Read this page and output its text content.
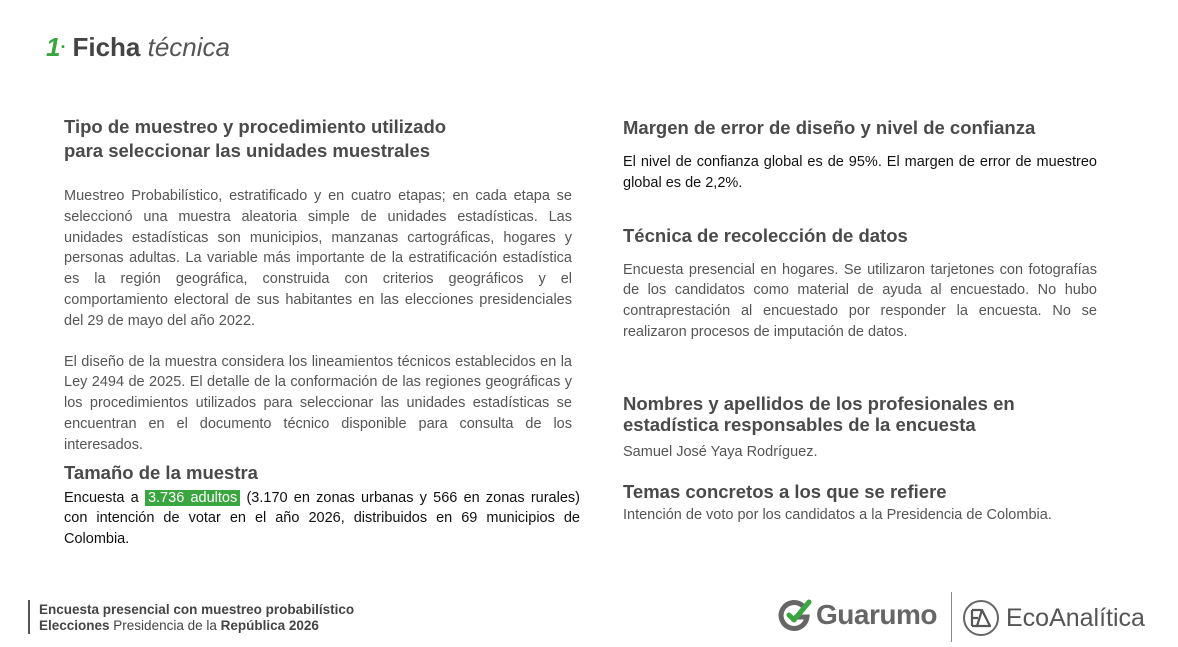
1· Ficha técnica
Tipo de muestreo y procedimiento utilizado
para seleccionar las unidades muestrales

Muestreo Probabilístico, estratificado y en cuatro etapas; en cada etapa se seleccionó una muestra aleatoria simple de unidades estadísticas. Las unidades estadísticas son municipios, manzanas cartográficas, hogares y personas adultas. La variable más importante de la estratificación estadística es la región geográfica, construida con criterios geográficos y el comportamiento electoral de sus habitantes en las elecciones presidenciales del 29 de mayo del año 2022.

El diseño de la muestra considera los lineamientos técnicos establecidos en la Ley 2494 de 2025. El detalle de la conformación de las regiones geográficas y los procedimientos utilizados para seleccionar las unidades estadísticas se encuentran en el documento técnico disponible para consulta de los interesados.

Tamaño de la muestra

Encuesta a 3.736 adultos (3.170 en zonas urbanas y 566 en zonas rurales) con intención de votar en el año 2026, distribuidos en 69 municipios de Colombia.

Margen de error de diseño y nivel de confianza

El nivel de confianza global es de 95%. El margen de error de muestreo global es de 2,2%.

Técnica de recolección de datos

Encuesta presencial en hogares. Se utilizaron tarjetones con fotografías de los candidatos como material de ayuda al encuestado. No hubo contraprestación al encuestado por responder la encuesta. No se realizaron procesos de imputación de datos.

Nombres y apellidos de los profesionales en
estadística responsables de la encuesta

Samuel José Yaya Rodríguez.

Temas concretos a los que se refiere

Intención de voto por los candidatos a la Presidencia de Colombia.

Encuesta presencial con muestreo probabilístico
Elecciones Presidencia de la República 2026	Guarumo	EcoAnalítica
